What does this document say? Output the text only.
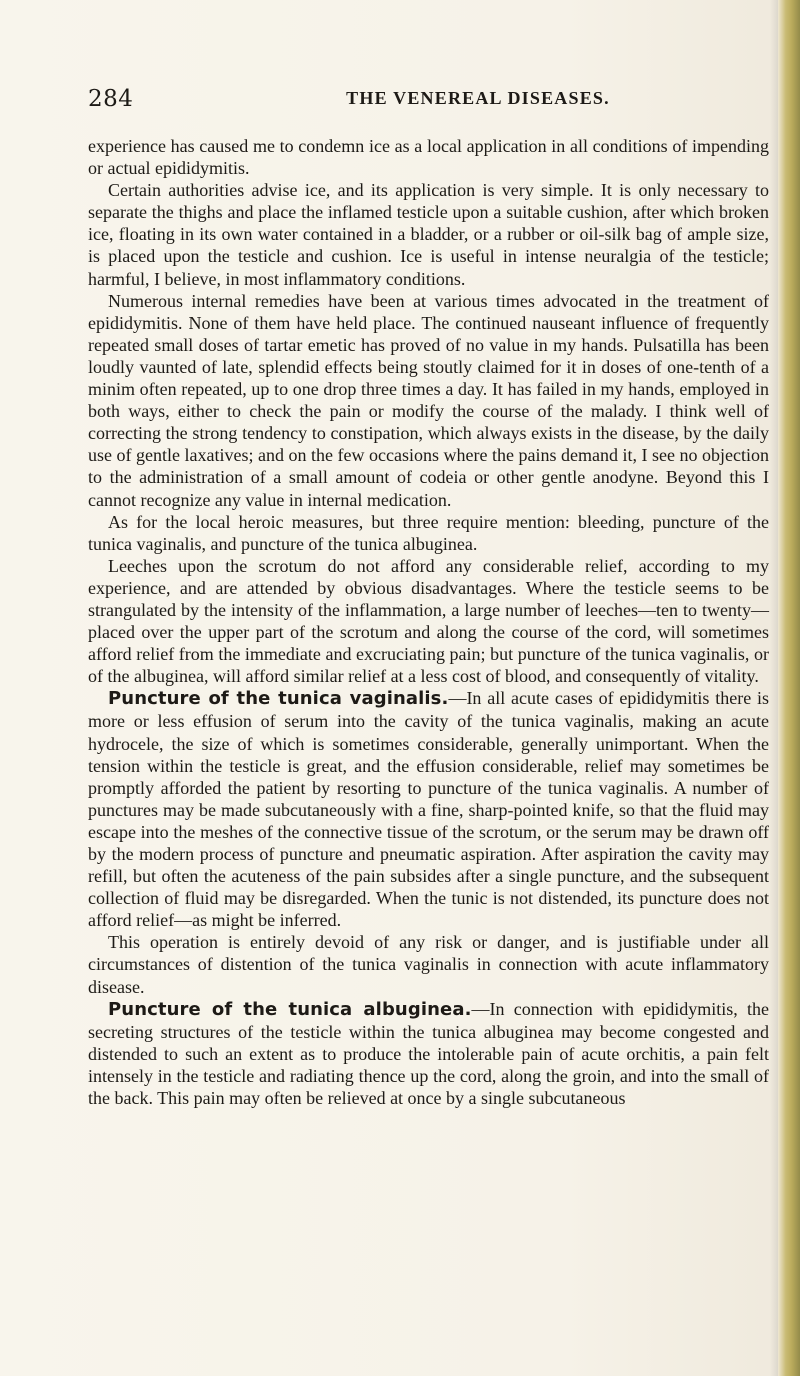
284	THE VENEREAL DISEASES.

experience has caused me to condemn ice as a local application in all conditions of impending or actual epididymitis.

Certain authorities advise ice, and its application is very simple. It is only necessary to separate the thighs and place the inflamed testicle upon a suitable cushion, after which broken ice, floating in its own water contained in a bladder, or a rubber or oil-silk bag of ample size, is placed upon the testicle and cushion. Ice is useful in intense neuralgia of the testicle; harmful, I believe, in most inflammatory conditions.

Numerous internal remedies have been at various times advocated in the treatment of epididymitis. None of them have held place. The continued nauseant influence of frequently repeated small doses of tartar emetic has proved of no value in my hands. Pulsatilla has been loudly vaunted of late, splendid effects being stoutly claimed for it in doses of one-tenth of a minim often repeated, up to one drop three times a day. It has failed in my hands, employed in both ways, either to check the pain or modify the course of the malady. I think well of correcting the strong tendency to constipation, which always exists in the disease, by the daily use of gentle laxatives; and on the few occasions where the pains demand it, I see no objection to the administration of a small amount of codeia or other gentle anodyne. Beyond this I cannot recognize any value in internal medication.

As for the local heroic measures, but three require mention: bleeding, puncture of the tunica vaginalis, and puncture of the tunica albuginea.

Leeches upon the scrotum do not afford any considerable relief, according to my experience, and are attended by obvious disadvantages. Where the testicle seems to be strangulated by the intensity of the inflammation, a large number of leeches—ten to twenty—placed over the upper part of the scrotum and along the course of the cord, will sometimes afford relief from the immediate and excruciating pain; but puncture of the tunica vaginalis, or of the albuginea, will afford similar relief at a less cost of blood, and consequently of vitality.

Puncture of the tunica vaginalis.—In all acute cases of epididymitis there is more or less effusion of serum into the cavity of the tunica vaginalis, making an acute hydrocele, the size of which is sometimes considerable, generally unimportant. When the tension within the testicle is great, and the effusion considerable, relief may sometimes be promptly afforded the patient by resorting to puncture of the tunica vaginalis. A number of punctures may be made subcutaneously with a fine, sharp-pointed knife, so that the fluid may escape into the meshes of the connective tissue of the scrotum, or the serum may be drawn off by the modern process of puncture and pneumatic aspiration. After aspiration the cavity may refill, but often the acuteness of the pain subsides after a single puncture, and the subsequent collection of fluid may be disregarded. When the tunic is not distended, its puncture does not afford relief—as might be inferred.

This operation is entirely devoid of any risk or danger, and is justifiable under all circumstances of distention of the tunica vaginalis in connection with acute inflammatory disease.

Puncture of the tunica albuginea.—In connection with epididymitis, the secreting structures of the testicle within the tunica albuginea may become congested and distended to such an extent as to produce the intolerable pain of acute orchitis, a pain felt intensely in the testicle and radiating thence up the cord, along the groin, and into the small of the back. This pain may often be relieved at once by a single subcutaneous
